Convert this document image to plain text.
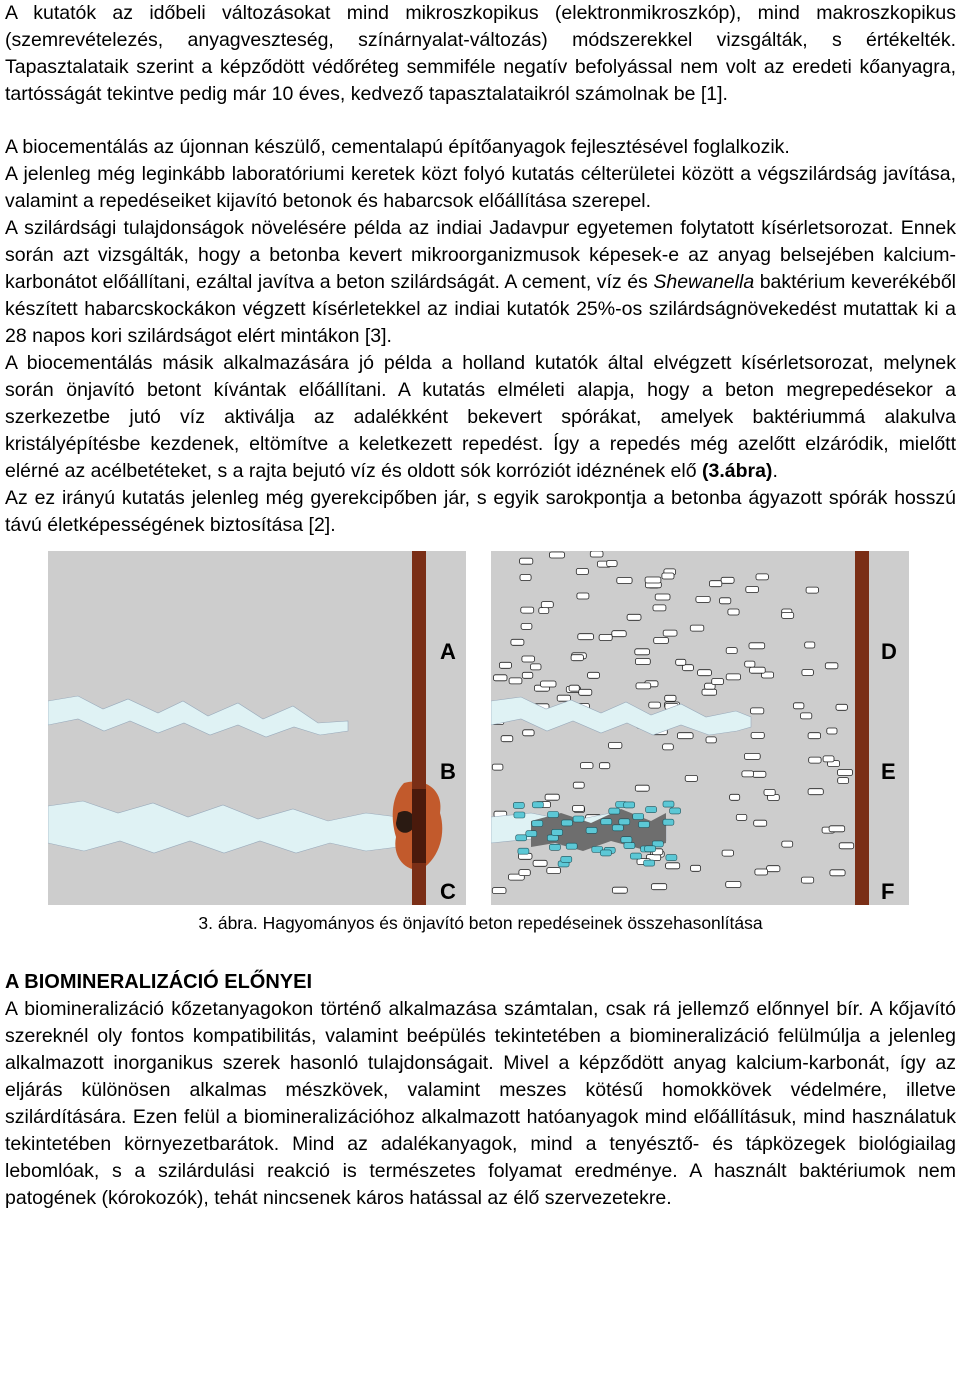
A kutatók az időbeli változásokat mind mikroszkopikus (elektronmikroszkóp), mind makroszkopikus (szemrevételezés, anyagveszteség, színárnyalat-változás) módszerekkel vizsgálták, s értékelték. Tapasztalataik szerint a képződött védőréteg semmiféle negatív befolyással nem volt az eredeti kőanyagra, tartósságát tekintve pedig már 10 éves, kedvező tapasztalataikról számolnak be [1].

A biocementálás az újonnan készülő, cementalapú építőanyagok fejlesztésével foglalkozik.

A jelenleg még leginkább laboratóriumi keretek közt folyó kutatás célterületei között a végszilárdság javítása, valamint a repedéseiket kijavító betonok és habarcsok előállítása szerepel.

A szilárdsági tulajdonságok növelésére példa az indiai Jadavpur egyetemen folytatott kísérletsorozat. Ennek során azt vizsgálták, hogy a betonba kevert mikroorganizmusok képesek-e az anyag belsejében kalcium-karbonátot előállítani, ezáltal javítva a beton szilárdságát. A cement, víz és Shewanella baktérium keverékéből készített habarcskockákon végzett kísérletekkel az indiai kutatók 25%-os szilárdságnövekedést mutattak ki a 28 napos kori szilárdságot elért mintákon [3].

A biocementálás másik alkalmazására jó példa a holland kutatók által elvégzett kísérletsorozat, melynek során önjavító betont kívántak előállítani. A kutatás elméleti alapja, hogy a beton megrepedésekor a szerkezetbe jutó víz aktiválja az adalékként bekevert spórákat, amelyek baktériummá alakulva kristályépítésbe kezdenek, eltömítve a keletkezett repedést. Így a repedés még azelőtt elzáródik, mielőtt elérné az acélbetéteket, s a rajta bejutó víz és oldott sók korróziót idéznének elő (3.ábra).

Az ez irányú kutatás jelenleg még gyerekcipőben jár, s egyik sarokpontja a betonba ágyazott spórák hosszú távú életképességének biztosítása [2].

A
B
C
D
E
F
3. ábra. Hagyományos és önjavító beton repedéseinek összehasonlítása

A BIOMINERALIZÁCIÓ ELŐNYEI

A biomineralizáció kőzetanyagokon történő alkalmazása számtalan, csak rá jellemző előnnyel bír. A kőjavító szereknél oly fontos kompatibilitás, valamint beépülés tekintetében a biomineralizáció felülmúlja a jelenleg alkalmazott inorganikus szerek hasonló tulajdonságait. Mivel a képződött anyag kalcium-karbonát, így az eljárás különösen alkalmas mészkövek, valamint meszes kötésű homokkövek védelmére, illetve szilárdítására. Ezen felül a biomineralizációhoz alkalmazott hatóanyagok mind előállításuk, mind használatuk tekintetében környezetbarátok. Mind az adalékanyagok, mind a tenyésztő- és tápközegek biológiailag lebomlóak, s a szilárdulási reakció is természetes folyamat eredménye. A használt baktériumok nem patogének (kórokozók), tehát nincsenek káros hatással az élő szervezetekre.
